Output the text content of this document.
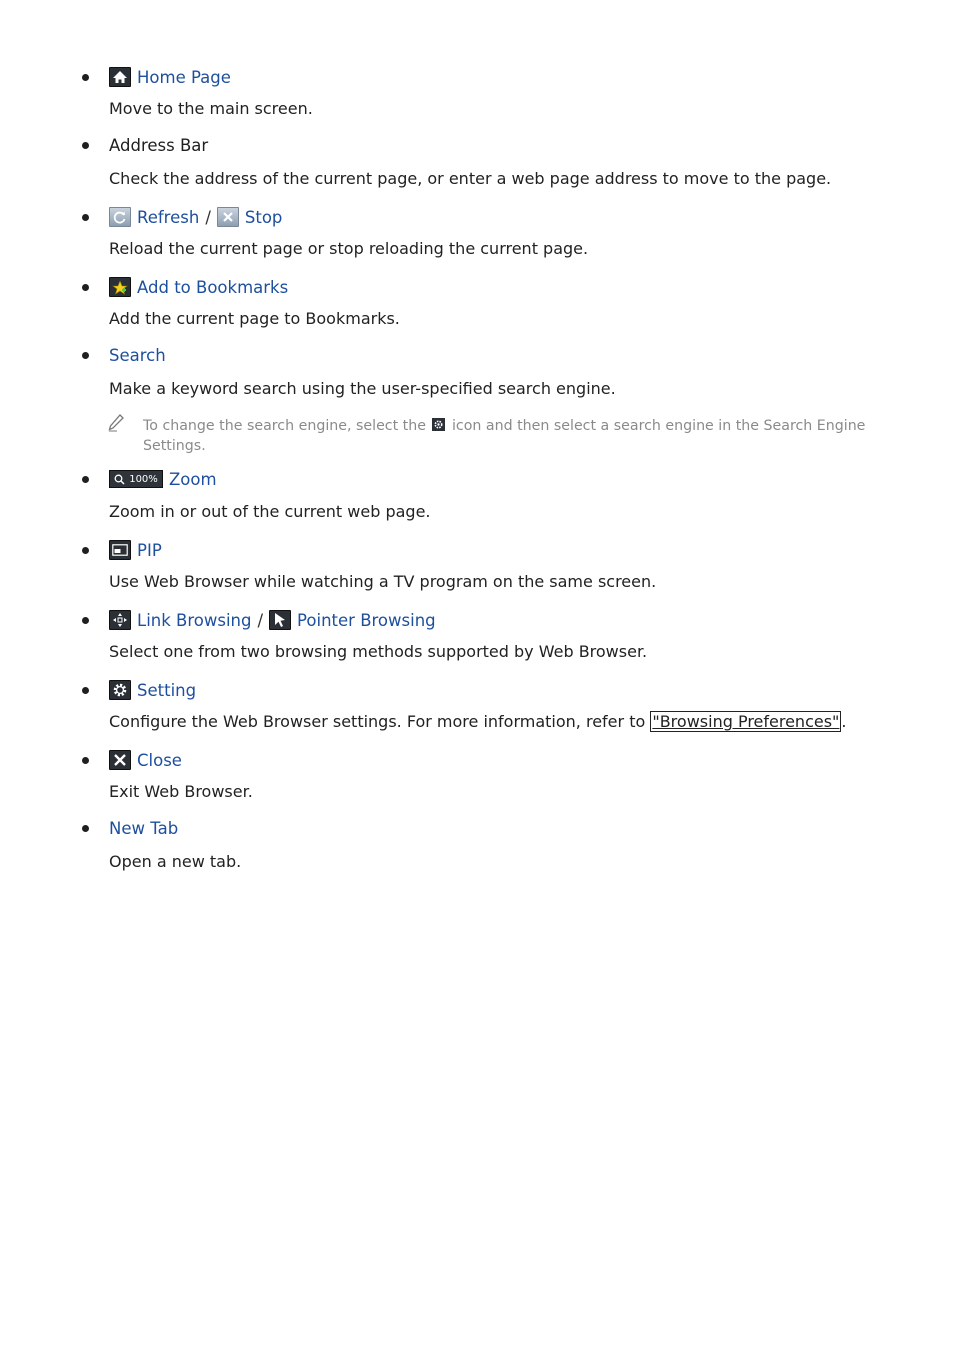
Home Page
Move to the main screen.
Address Bar
Check the address of the current page, or enter a web page address to move to the page.
Refresh / Stop
Reload the current page or stop reloading the current page.
Add to Bookmarks
Add the current page to Bookmarks.
Search
Make a keyword search using the user-specified search engine.
To change the search engine, select the icon and then select a search engine in the Search Engine Settings.
100% Zoom
Zoom in or out of the current web page.
PIP
Use Web Browser while watching a TV program on the same screen.
Link Browsing / Pointer Browsing
Select one from two browsing methods supported by Web Browser.
Setting
Configure the Web Browser settings. For more information, refer to "Browsing Preferences" .
Close
Exit Web Browser.
New Tab
Open a new tab.
